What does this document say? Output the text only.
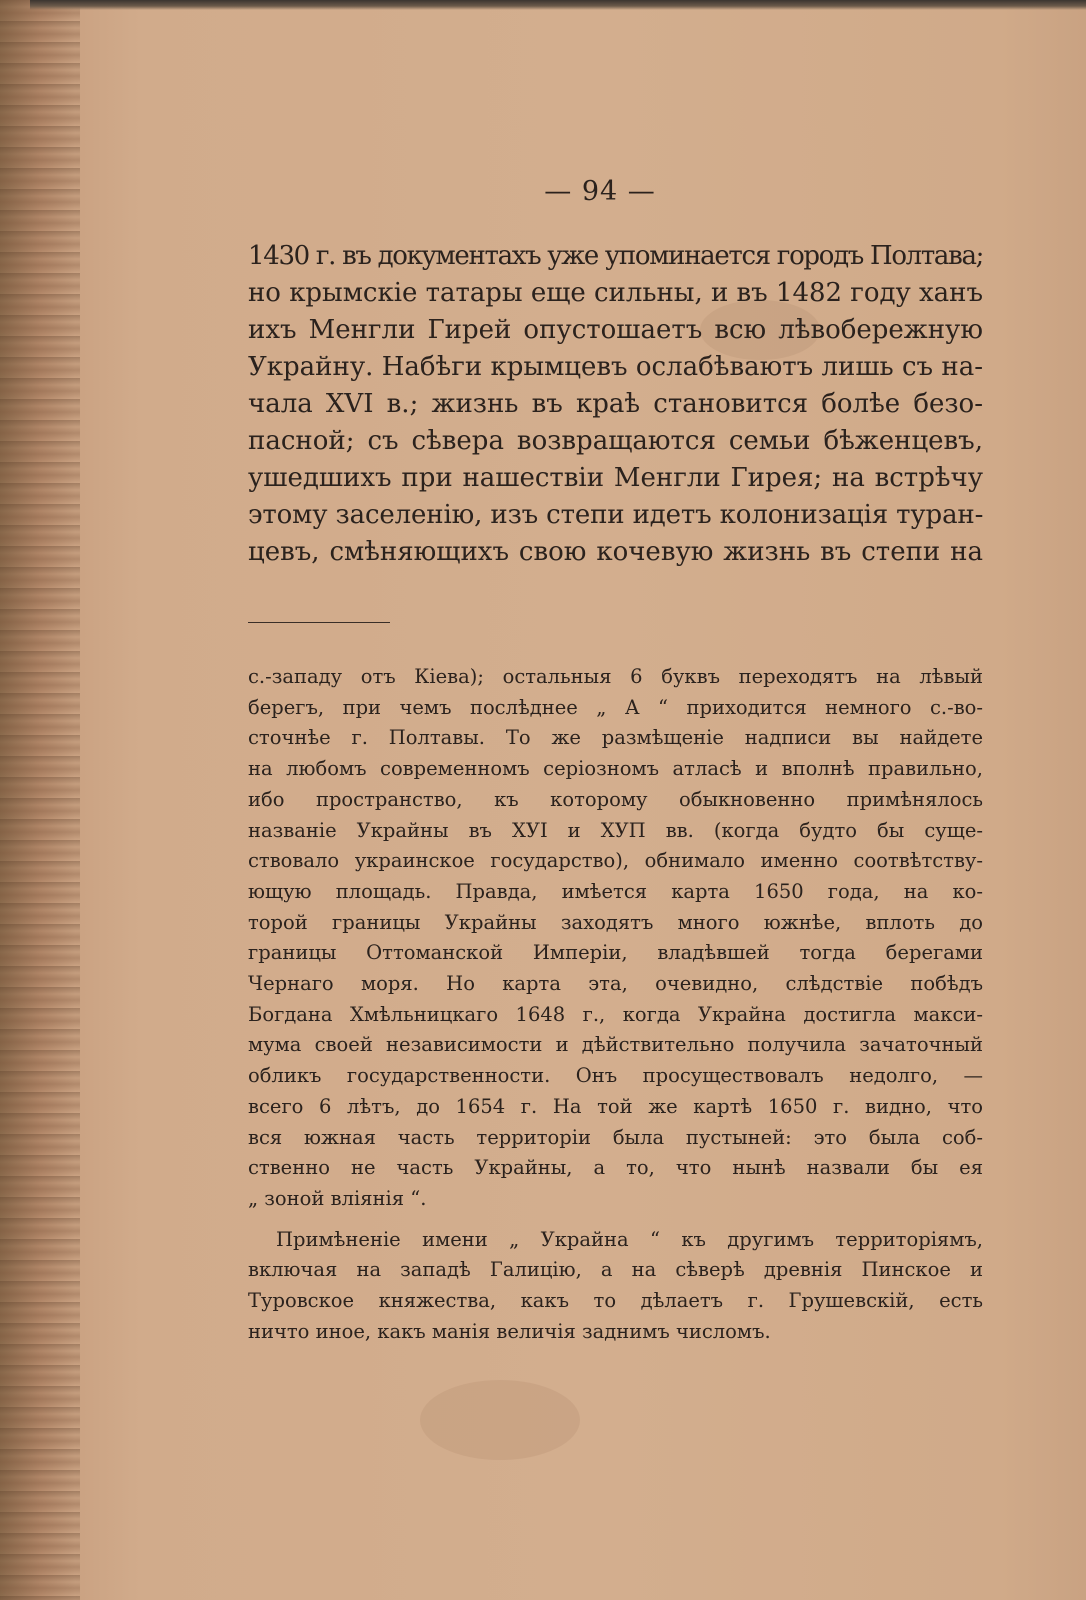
— 94 —
1430 г. въ документахъ уже упоминается городъ Полтава;
но крымскіе татары еще сильны, и въ 1482 году ханъ
ихъ Менгли Гирей опустошаетъ всю лѣвобережную
Украйну. Набѣги крымцевъ ослабѣваютъ лишь съ на-
чала XVI в.; жизнь въ краѣ становится болѣе безо-
пасной; съ сѣвера возвращаются семьи бѣженцевъ,
ушедшихъ при нашествіи Менгли Гирея; на встрѣчу
этому заселенію, изъ степи идетъ колонизація туран-
цевъ, смѣняющихъ свою кочевую жизнь въ степи на
с.-западу отъ Кіева); остальныя 6 буквъ переходятъ на лѣвый
берегъ, при чемъ послѣднее „ А “ приходится немного с.-во-
сточнѣе г. Полтавы. То же размѣщеніе надписи вы найдете
на любомъ современномъ серіозномъ атласѣ и вполнѣ правильно,
ибо пространство, къ которому обыкновенно примѣнялось
названіе Украйны въ XУІ и XУП вв. (когда будто бы суще-
ствовало украинское государство), обнимало именно соотвѣтству-
ющую площадь. Правда, имѣется карта 1650 года, на ко-
торой границы Украйны заходятъ много южнѣе, вплоть до
границы Оттоманской Имперіи, владѣвшей тогда берегами
Чернаго моря. Но карта эта, очевидно, слѣдствіе побѣдъ
Богдана Хмѣльницкаго 1648 г., когда Украйна достигла макси-
мума своей независимости и дѣйствительно получила зачаточный
обликъ государственности. Онъ просуществовалъ недолго, —
всего 6 лѣтъ, до 1654 г. На той же картѣ 1650 г. видно, что
вся южная часть территоріи была пустыней: это была соб-
ственно не часть Украйны, а то, что нынѣ назвали бы ея
„ зоной вліянія “.
Примѣненіе имени „ Украйна “ къ другимъ территоріямъ,
включая на западѣ Галицію, а на сѣверѣ древнія Пинское и
Туровское княжества, какъ то дѣлаетъ г. Грушевскій, есть
ничто иное, какъ манія величія заднимъ числомъ.
